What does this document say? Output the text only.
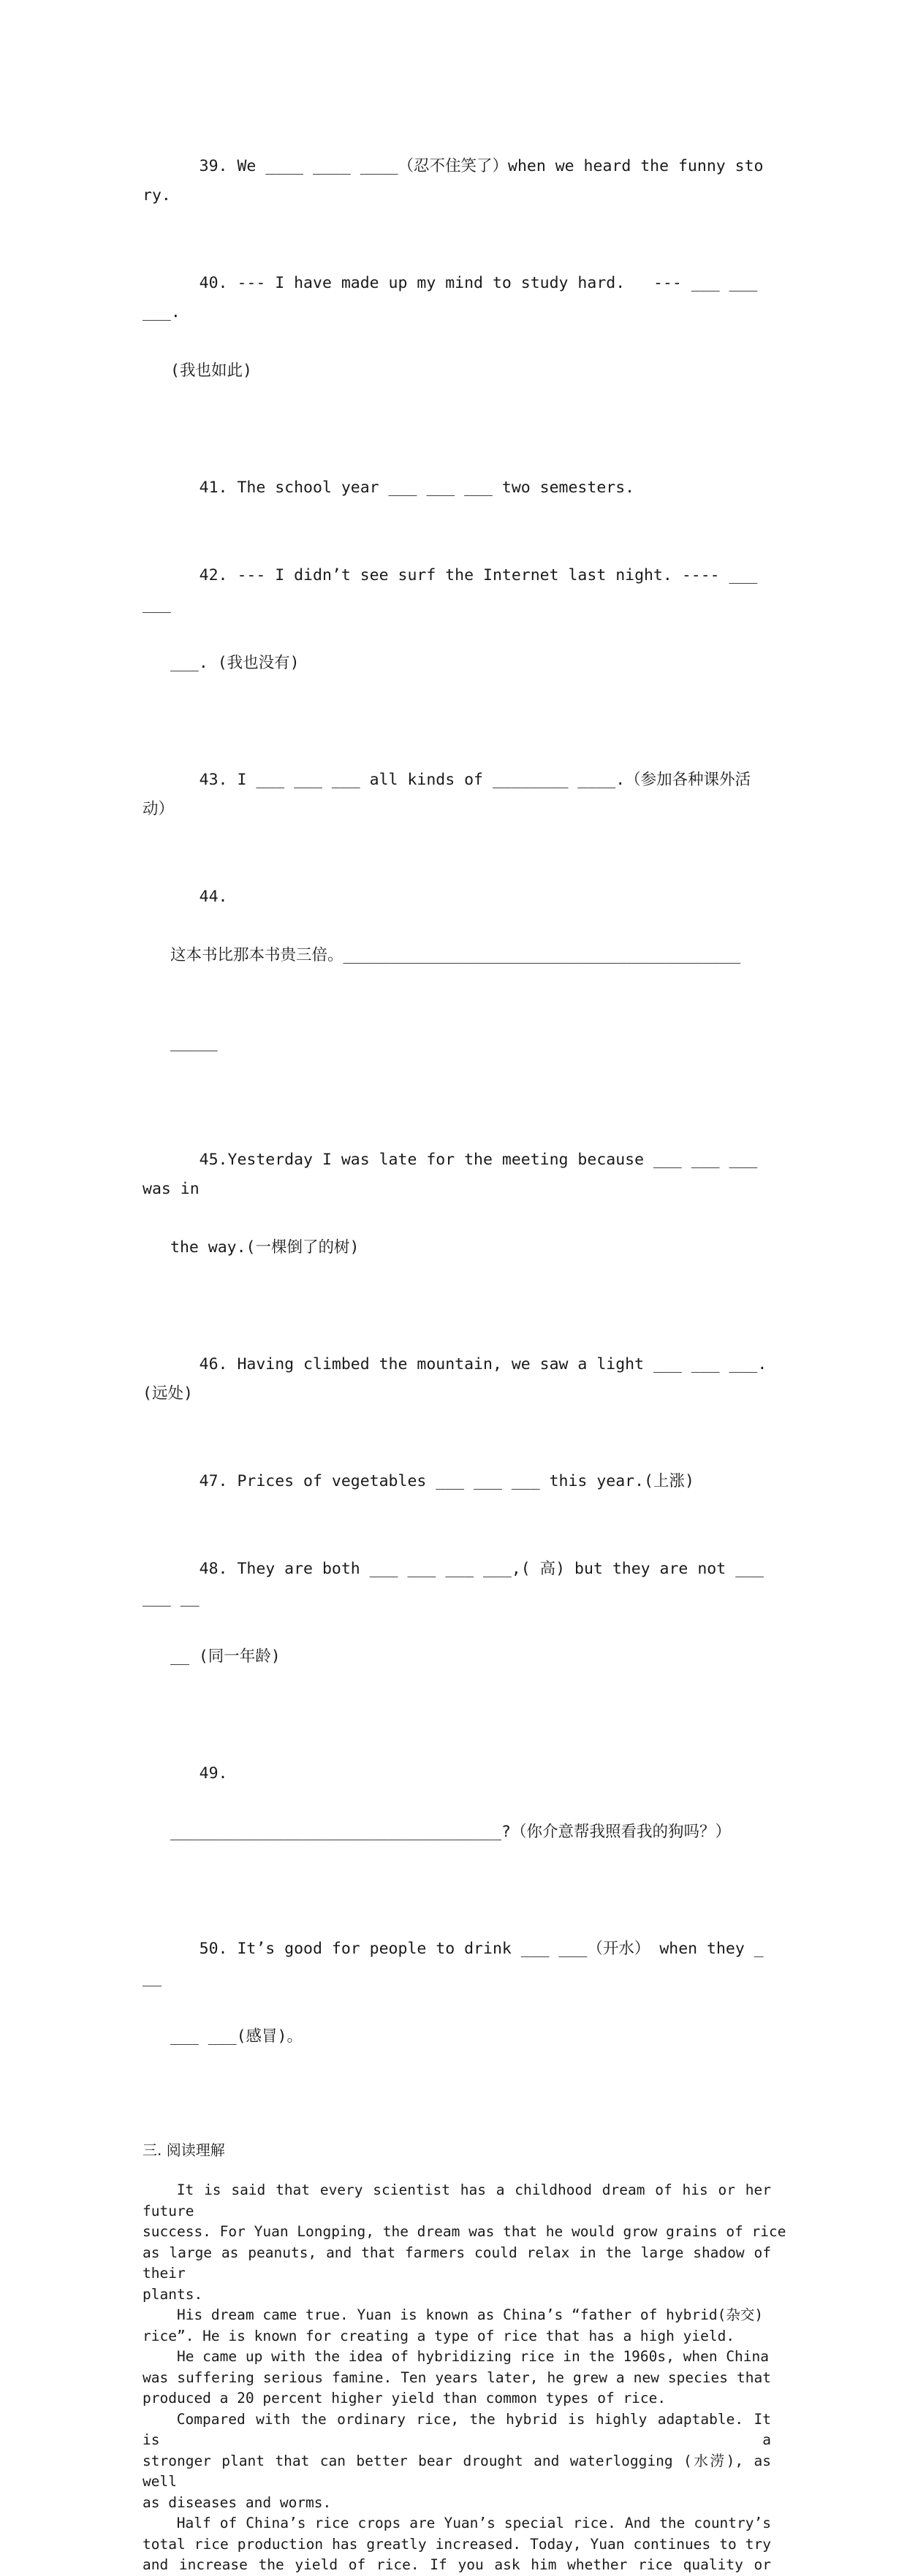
39. We ____ ____ ____（忍不住笑了）when we heard the funny story.

40. --- I have made up my mind to study hard.   --- ___ ___ ___.

(我也如此)

41. The school year ___ ___ ___ two semesters.

42. --- I didn’t see surf the Internet last night. ---- ___ ___

___. (我也没有)

43. I ___ ___ ___ all kinds of ________ ____.（参加各种课外活动）

44.

这本书比那本书贵三倍。__________________________________________

_____

45.Yesterday I was late for the meeting because ___ ___ ___ was in

the way.(一棵倒了的树)

46. Having climbed the mountain, we saw a light ___ ___ ___.(远处)

47. Prices of vegetables ___ ___ ___ this year.(上涨)

48. They are both ___ ___ ___ ___,( 高) but they are not ___ ___ __

__ (同一年龄)

49.

___________________________________?（你介意帮我照看我的狗吗？）

50. It’s good for people to drink ___ ___（开水） when they ___

___ ___(感冒)。

三. 阅读理解
It is said that every scientist has a childhood dream of his or her
future
success. For Yuan Longping, the dream was that he would grow grains of rice
as large as peanuts, and that farmers could relax in the large shadow of
their
plants.
His dream came true. Yuan is known as China’s “father of hybrid(杂交)
rice”. He is known for creating a type of rice that has a high yield.
He came up with the idea of hybridizing rice in the 1960s, when China
was suffering serious famine. Ten years later, he grew a new species that
produced a 20 percent higher yield than common types of rice.
Compared with the ordinary rice, the hybrid is highly adaptable. It is a
stronger plant that can better bear drought and waterlogging (水涝), as well
as diseases and worms.
Half of China’s rice crops are Yuan’s special rice. And the country’s
total rice production has greatly increased. Today, Yuan continues to try
and increase the yield of rice. If you ask him whether rice quality or
